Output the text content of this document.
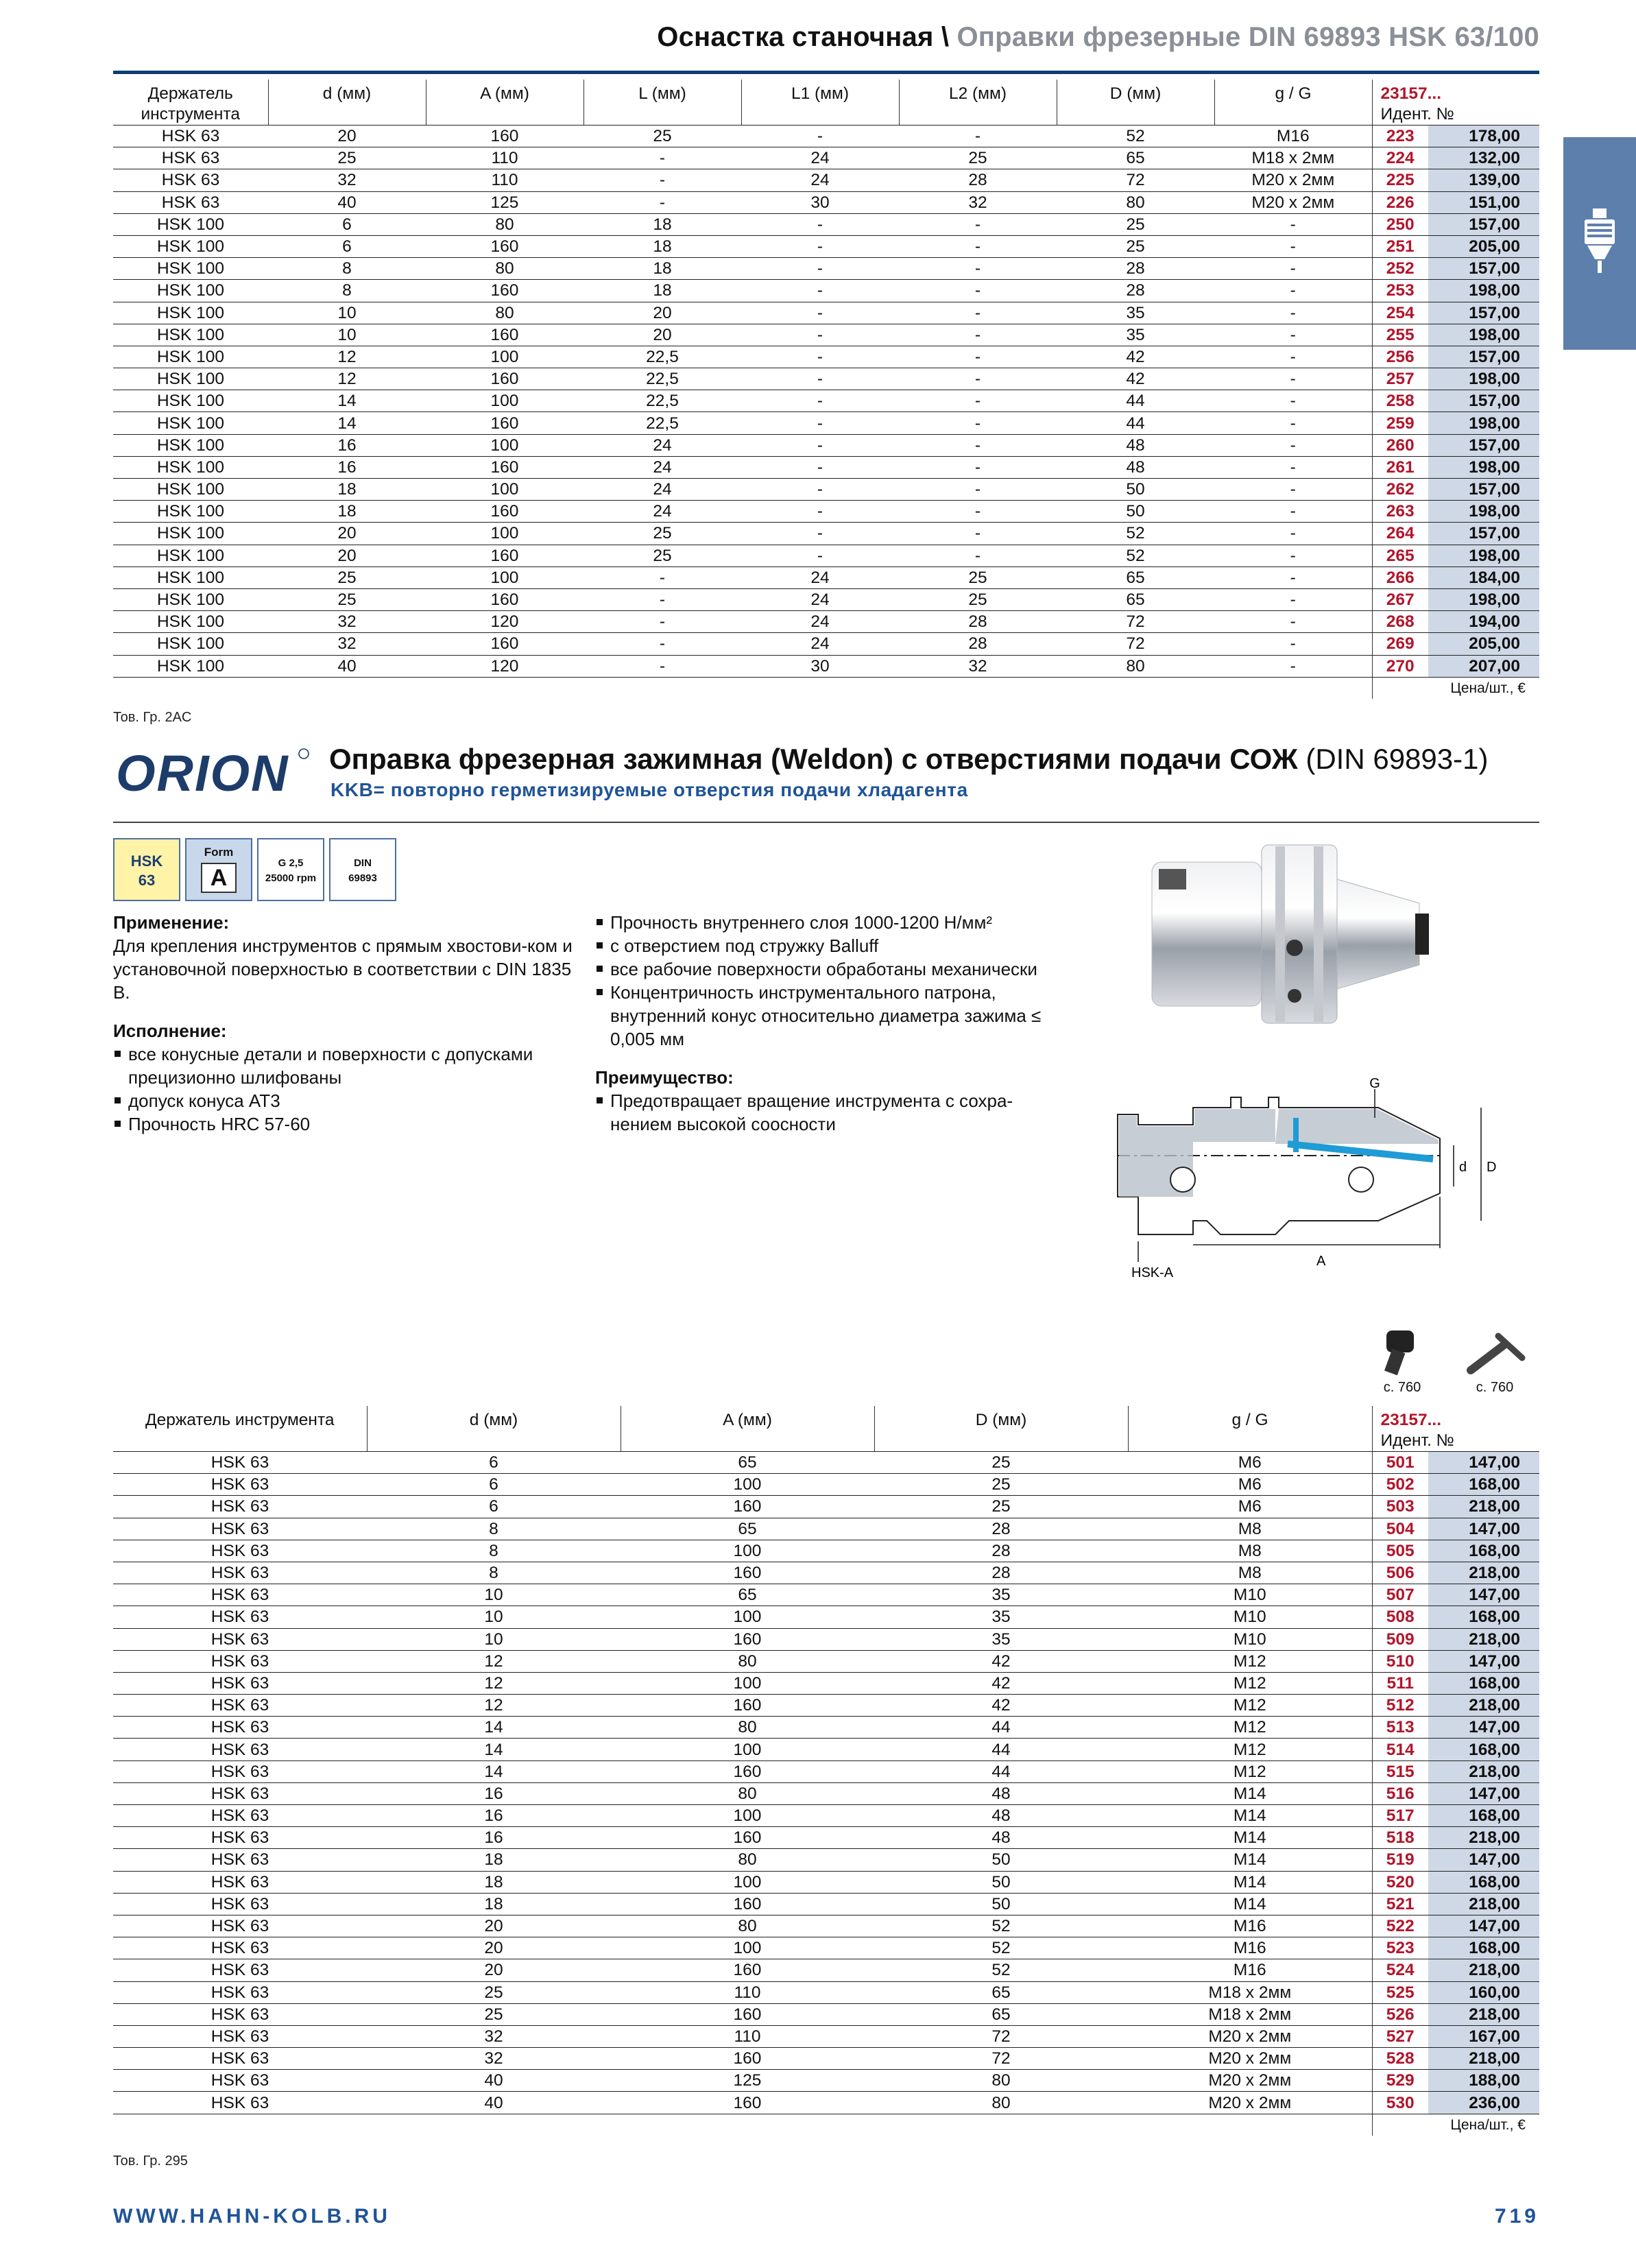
Оснастка станочная \ Оправки фрезерные DIN 69893 HSK 63/100
Держатель инструмента	d (мм)	A (мм)	L (мм)	L1 (мм)	L2 (мм)	D (мм)	g / G	23157...
Идент. №	
HSK 63	20	160	25	-	-	52	M16	223	178,00
HSK 63	25	110	-	24	25	65	M18 x 2мм	224	132,00
HSK 63	32	110	-	24	28	72	M20 x 2мм	225	139,00
HSK 63	40	125	-	30	32	80	M20 x 2мм	226	151,00
HSK 100	6	80	18	-	-	25	-	250	157,00
HSK 100	6	160	18	-	-	25	-	251	205,00
HSK 100	8	80	18	-	-	28	-	252	157,00
HSK 100	8	160	18	-	-	28	-	253	198,00
HSK 100	10	80	20	-	-	35	-	254	157,00
HSK 100	10	160	20	-	-	35	-	255	198,00
HSK 100	12	100	22,5	-	-	42	-	256	157,00
HSK 100	12	160	22,5	-	-	42	-	257	198,00
HSK 100	14	100	22,5	-	-	44	-	258	157,00
HSK 100	14	160	22,5	-	-	44	-	259	198,00
HSK 100	16	100	24	-	-	48	-	260	157,00
HSK 100	16	160	24	-	-	48	-	261	198,00
HSK 100	18	100	24	-	-	50	-	262	157,00
HSK 100	18	160	24	-	-	50	-	263	198,00
HSK 100	20	100	25	-	-	52	-	264	157,00
HSK 100	20	160	25	-	-	52	-	265	198,00
HSK 100	25	100	-	24	25	65	-	266	184,00
HSK 100	25	160	-	24	25	65	-	267	198,00
HSK 100	32	120	-	24	28	72	-	268	194,00
HSK 100	32	160	-	24	28	72	-	269	205,00
HSK 100	40	120	-	30	32	80	-	270	207,00
								Цена/шт., €	
Тов. Гр. 2AC
ORION Оправка фрезерная зажимная (Weldon) с отверстиями подачи СОЖ (DIN 69893-1)
KKB= повторно герметизируемые отверстия подачи хладагента
HSK
63
Form
A
G 2,5
25000 rpm
DIN
69893
Применение:

Для крепления инструментов с прямым хвостови-ком и установочной поверхностью в соответствии с DIN 1835 B.

Исполнение:
все конусные детали и поверхности с допусками прецизионно шлифованы
допуск конуса AT3
Прочность HRC 57-60
Прочность внутреннего слоя 1000-1200 Н/мм²
с отверстием под стружку Balluff
все рабочие поверхности обработаны механически
Концентричность инструментального патрона, внутренний конус относительно диаметра зажима ≤ 0,005 мм
Преимущество:
Предотвращает вращение инструмента с сохра-нением высокой соосности
G
d D
HSK-A
A
с. 760	с. 760
Держатель инструмента	d (мм)	A (мм)	D (мм)	g / G	23157...
Идент. №	
HSK 63	6	65	25	M6	501	147,00
HSK 63	6	100	25	M6	502	168,00
HSK 63	6	160	25	M6	503	218,00
HSK 63	8	65	28	M8	504	147,00
HSK 63	8	100	28	M8	505	168,00
HSK 63	8	160	28	M8	506	218,00
HSK 63	10	65	35	M10	507	147,00
HSK 63	10	100	35	M10	508	168,00
HSK 63	10	160	35	M10	509	218,00
HSK 63	12	80	42	M12	510	147,00
HSK 63	12	100	42	M12	511	168,00
HSK 63	12	160	42	M12	512	218,00
HSK 63	14	80	44	M12	513	147,00
HSK 63	14	100	44	M12	514	168,00
HSK 63	14	160	44	M12	515	218,00
HSK 63	16	80	48	M14	516	147,00
HSK 63	16	100	48	M14	517	168,00
HSK 63	16	160	48	M14	518	218,00
HSK 63	18	80	50	M14	519	147,00
HSK 63	18	100	50	M14	520	168,00
HSK 63	18	160	50	M14	521	218,00
HSK 63	20	80	52	M16	522	147,00
HSK 63	20	100	52	M16	523	168,00
HSK 63	20	160	52	M16	524	218,00
HSK 63	25	110	65	M18 x 2мм	525	160,00
HSK 63	25	160	65	M18 x 2мм	526	218,00
HSK 63	32	110	72	M20 x 2мм	527	167,00
HSK 63	32	160	72	M20 x 2мм	528	218,00
HSK 63	40	125	80	M20 x 2мм	529	188,00
HSK 63	40	160	80	M20 x 2мм	530	236,00
					Цена/шт., €	
Тов. Гр. 295
WWW.HAHN-KOLB.RU	719
